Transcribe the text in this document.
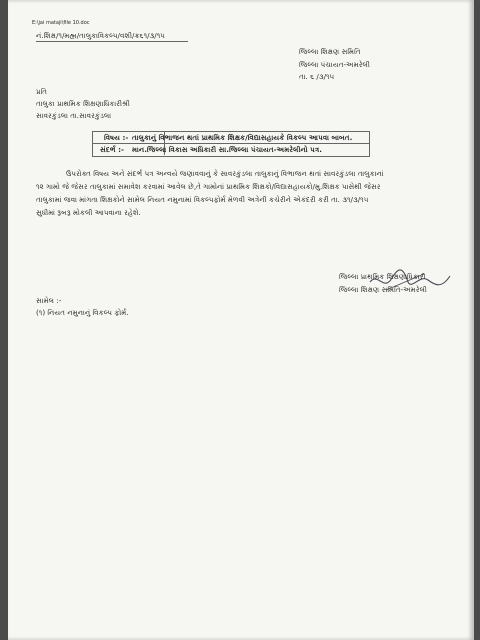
E:\jai mataji\file 10.doc
નં.શિક્ષ/૧/મહ્મ/તાલુકાવિકલ્પ/વશી/ક્ર૬૧/૩/૧૫
જિલ્લા શિક્ષણ સમિતિ
જિલ્લા પંચાયત-અમરેલી
તા. ૬ /૩/૧૫
પ્રતિ
તાલુકા પ્રાથમિક શિક્ષણાધિકારીશ્રી
સાવરકુંડલા તા.સાવરકુંડલા
વિષય :- તાલુકાનું વિભાજન થતાં પ્રાથમિક શિક્ષક/વિદ્યાસહાયકે વિકલ્પ આપવા બાબત.
સંદર્ભ :- માન.જિલ્લા વિકાસ અધિકારી સા.જિલ્લા પંચાયત-અમરેલીનો પત્ર.
ઉપરોક્ત વિષય અને સંદર્ભ પત્ર અન્વયે જણાવવાનું કે સાવરકુંડલા તાલુકાનું વિભાજન થતાં સાવરકુંડલા તાલુકાનાં
૧૨ ગામો જે જેસર તાલુકામાં સમાવેશ કરવામાં આવેલ છે,તે ગામોનાં પ્રાથમિક શિક્ષકો/વિદ્યાસહાયકો/મુ.શિક્ષક પાસેથી જેસર
તાલુકામાં જવા માંગતા શિક્ષકોને સામેલ નિયત નમુનામાં વિકલ્પફોર્મ મેળવી અત્રેની કચેરીને એકંદરી કરી તા. ૩૧/૩/૧૫
સુધીમાં રૂબરૂ મોકલી આપવાના રહેશે.
જિલ્લા પ્રાથમિક શિક્ષણાધિકારી
જિલ્લા શિક્ષણ સમિતિ-અમરેલી
સામેલ :-
(૧) નિયત નમુનાનું વિકલ્પ ફોર્મ.
